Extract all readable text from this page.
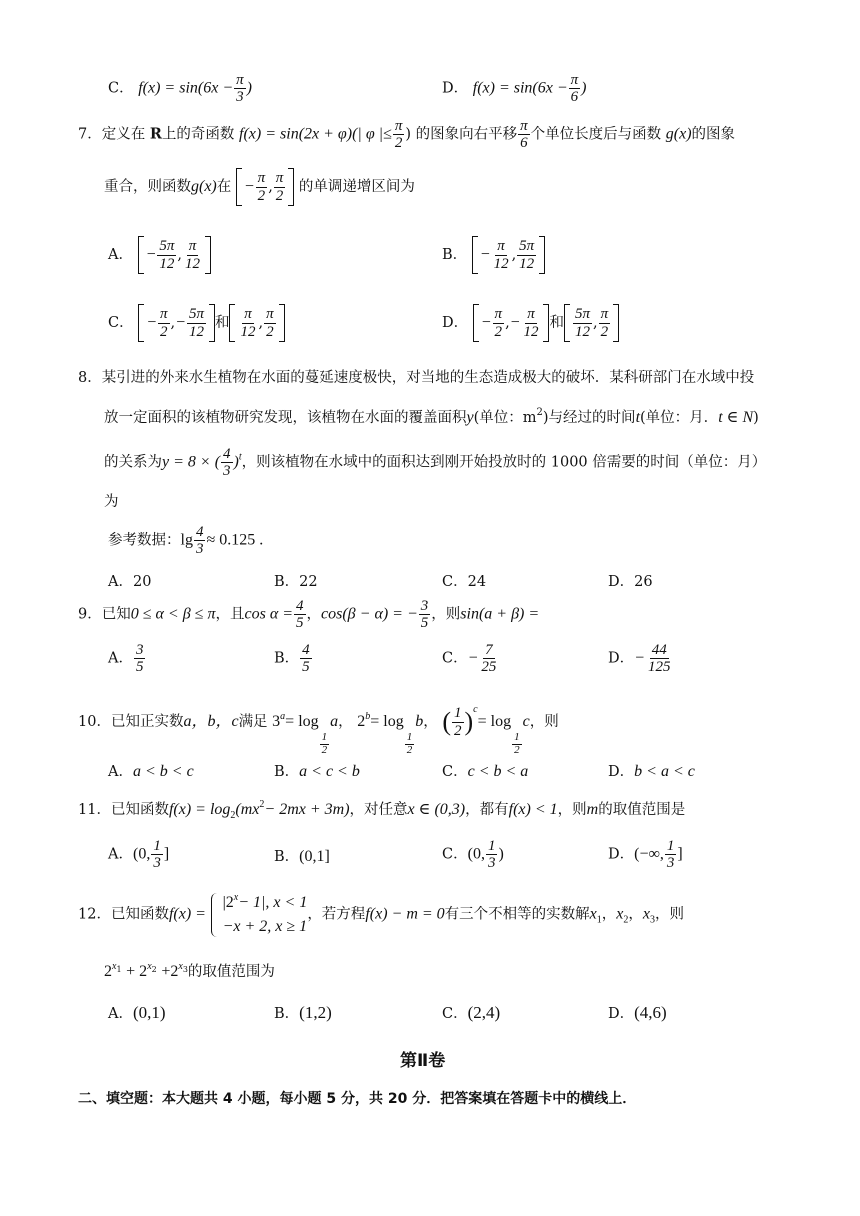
C． $f(x) = \sin(6x - \frac{\pi}{3}$ )	D． $f(x) = \sin(6x - \frac{\pi}{6}$ )
7．定义在 R上的奇函数 f(x) = sin(2x + φ)(| φ |≤ $\frac{\pi}{2}$ ) 的图象向右平移 $\frac{\pi}{6}$ 个单位长度后与函数 g(x)的图象
重合，则函数g(x)在 − $\frac{\pi}{2}$ , $\frac{\pi}{2}$ 的单调递增区间为
A． − $\frac{5\pi}{12}$ , $\frac{\pi}{12}$	B． − $\frac{\pi}{12}$ , $\frac{5\pi}{12}$
C． − $\frac{\pi}{2}$ ,− $\frac{5\pi}{12}$ 和 $\frac{\pi}{12}$ , $\frac{\pi}{2}$	D． − $\frac{\pi}{2}$ ,− $\frac{\pi}{12}$ 和 $\frac{5\pi}{12}$ , $\frac{\pi}{2}$
8．某引进的外来水生植物在水面的蔓延速度极快，对当地的生态造成极大的破坏．某科研部门在水域中投
放一定面积的该植物研究发现，该植物在水面的覆盖面积y(单位：$m^2$)与经过的时间t(单位：月．t ∈ N)
的关系为y = 8 × ( $\frac{4}{3} )^t$，则该植物在水域中的面积达到刚开始投放时的 1000 倍需要的时间（单位：月）
为
参考数据：$\lg \frac{4}{3} \approx 0.125$ .
A．20	B．22	C．24	D．26
9．已知0 ≤ α < β ≤ π，且$\cos \alpha = \frac{4}{5}$ ，cos(β − α) = − $\frac{3}{5}$ ，则sin(a + β) =
A． $\frac{3}{5}$	B． $\frac{4}{5}$	C．− $\frac{7}{25}$	D．− $\frac{44}{125}$
10．已知正实数a，b，c满足 $3^a= \log$
$\frac{1}{2}$
a， $2^b= \log$
$\frac{1}{2}$
b， ( $\frac{1}{2} )^c= \log$
$\frac{1}{2}$
c，则
A．a < b < c	B．a < c < b	C．c < b < a	D．b < a < c
11．已知函数$f(x) = \log_2(mx^2- 2mx + 3m)$，对任意x ∈ (0,3)，都有f(x) < 1，则m的取值范围是
A．(0, $\frac{1}{3}$ ]	B．(0,1]	C．(0, $\frac{1}{3}$ )	D．(−∞, $\frac{1}{3}$ ]
12．已知函数f(x) =
$|2^x- 1|$, x < 1
−x + 2, x ≥ 1
，若方程f(x) − m = 0有三个不相等的实数解$x_1$，$x_2$，$x_3$，则
$2^{x1} + 2^{x2} +2^{x3}$的取值范围为
A．(0,1)	B．(1,2)	C．(2,4)	D．(4,6)
第Ⅱ卷
二、填空题：本大题共 4 小题，每小题 5 分，共 20 分．把答案填在答题卡中的横线上．
